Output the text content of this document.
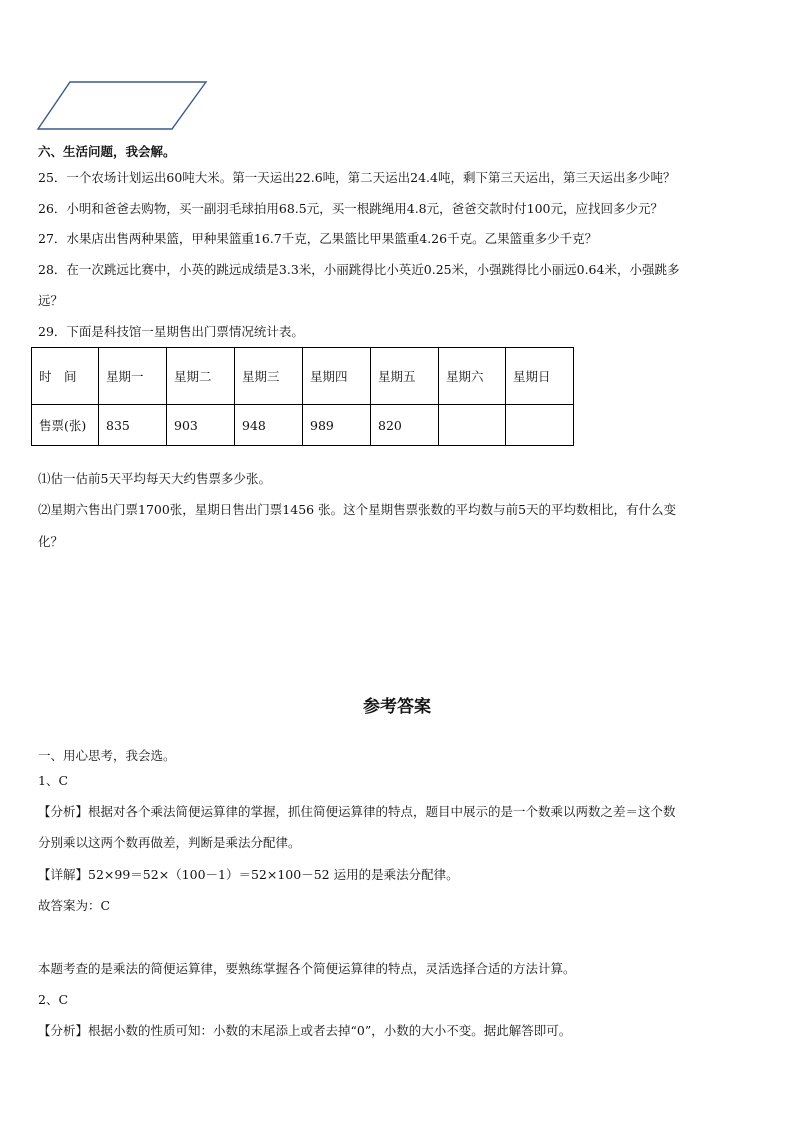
六、生活问题，我会解。
25．一个农场计划运出60吨大米。第一天运出22.6吨，第二天运出24.4吨，剩下第三天运出，第三天运出多少吨？
26．小明和爸爸去购物，买一副羽毛球拍用68.5元，买一根跳绳用4.8元，爸爸交款时付100元，应找回多少元？
27．水果店出售两种果篮，甲种果篮重16.7千克，乙果篮比甲果篮重4.26千克。乙果篮重多少千克？
28．在一次跳远比赛中，小英的跳远成绩是3.3米，小丽跳得比小英近0.25米，小强跳得比小丽远0.64米，小强跳多
远？
29．下面是科技馆一星期售出门票情况统计表。
时　间	星期一	星期二	星期三	星期四	星期五	星期六	星期日
售票(张)	835	903	948	989	820		
⑴估一估前5天平均每天大约售票多少张。
⑵星期六售出门票1700张，星期日售出门票1456 张。这个星期售票张数的平均数与前5天的平均数相比，有什么变
化？
参考答案
一、用心思考，我会选。
1、C
【分析】根据对各个乘法简便运算律的掌握，抓住简便运算律的特点，题目中展示的是一个数乘以两数之差＝这个数
分别乘以这两个数再做差，判断是乘法分配律。
【详解】52×99＝52×（100－1）＝52×100－52 运用的是乘法分配律。
故答案为：C
本题考查的是乘法的简便运算律，要熟练掌握各个简便运算律的特点，灵活选择合适的方法计算。
2、C
【分析】根据小数的性质可知：小数的末尾添上或者去掉“0”，小数的大小不变。据此解答即可。
